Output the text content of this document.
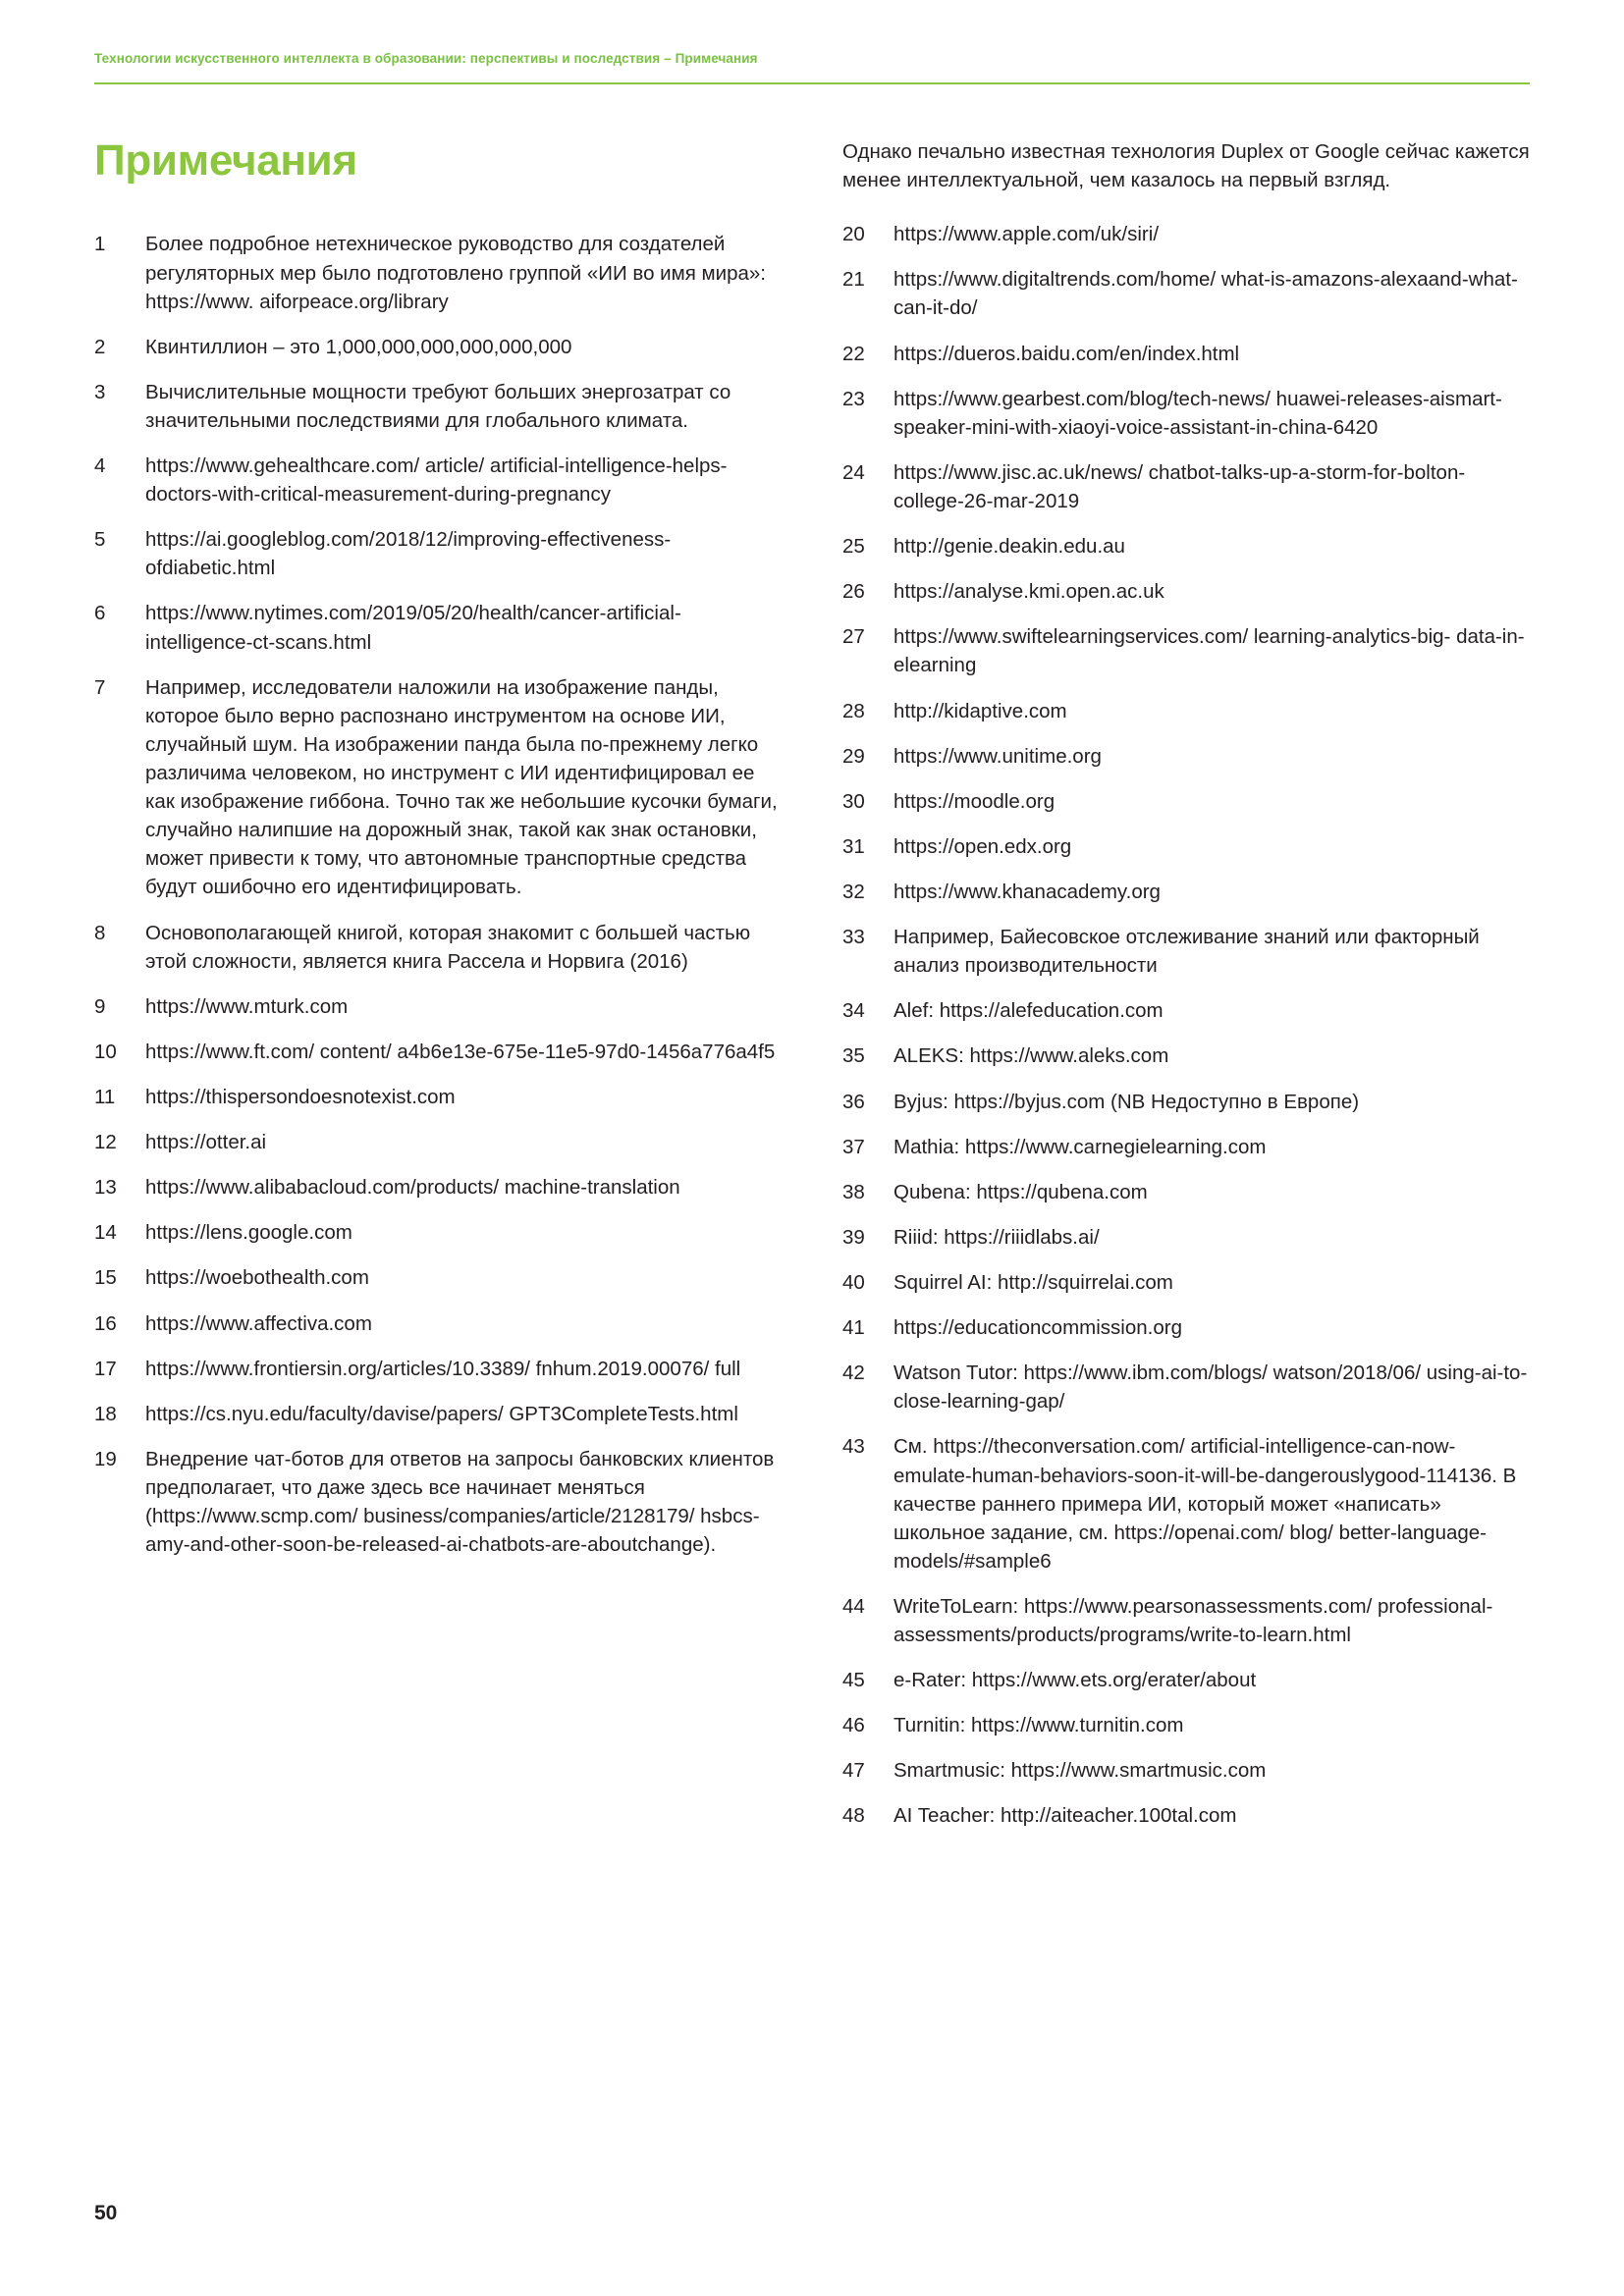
Технологии искусственного интеллекта в образовании: перспективы и последствия – Примечания
Примечания
1	Более подробное нетехническое руководство для создателей регуляторных мер было подготовлено группой «ИИ во имя мира»: https://www. aiforpeace.org/library
2	Квинтиллион – это 1,000,000,000,000,000,000
3	Вычислительные мощности требуют больших энергозатрат со значительными последствиями для глобального климата.
4	https://www.gehealthcare.com/ article/ artificial-intelligence-helps-doctors-with-critical-measurement-during-pregnancy
5	https://ai.googleblog.com/2018/12/improving-effectiveness-ofdiabetic.html
6	https://www.nytimes.com/2019/05/20/health/cancer-artificial-intelligence-ct-scans.html
7	Например, исследователи наложили на изображение панды, которое было верно распознано инструментом на основе ИИ, случайный шум. На изображении панда была по-прежнему легко различима человеком, но инструмент с ИИ идентифицировал ее как изображение гиббона. Точно так же небольшие кусочки бумаги, случайно налипшие на дорожный знак, такой как знак остановки, может привести к тому, что автономные транспортные средства будут ошибочно его идентифицировать.
8	Основополагающей книгой, которая знакомит с большей частью этой сложности, является книга Рассела и Норвига (2016)
9	https://www.mturk.com
10	https://www.ft.com/ content/ a4b6e13e-675e-11e5-97d0-1456a776a4f5
11	https://thispersondoesnotexist.com
12	https://otter.ai
13	https://www.alibabacloud.com/products/ machine-translation
14	https://lens.google.com
15	https://woebothealth.com
16	https://www.affectiva.com
17	https://www.frontiersin.org/articles/10.3389/ fnhum.2019.00076/ full
18	https://cs.nyu.edu/faculty/davise/papers/ GPT3CompleteTests.html
19	Внедрение чат-ботов для ответов на запросы банковских клиентов предполагает, что даже здесь все начинает меняться (https://www.scmp.com/ business/companies/article/2128179/ hsbcs-amy-and-other-soon-be-released-ai-chatbots-are-aboutchange).

Однако печально известная технология Duplex от Google сейчас кажется менее интеллектуальной, чем казалось на первый взгляд.

20	https://www.apple.com/uk/siri/
21	https://www.digitaltrends.com/home/ what-is-amazons-alexaand-what-can-it-do/
22	https://dueros.baidu.com/en/index.html
23	https://www.gearbest.com/blog/tech-news/ huawei-releases-aismart-speaker-mini-with-xiaoyi-voice-assistant-in-china-6420
24	https://www.jisc.ac.uk/news/ chatbot-talks-up-a-storm-for-bolton-college-26-mar-2019
25	http://genie.deakin.edu.au
26	https://analyse.kmi.open.ac.uk
27	https://www.swiftelearningservices.com/ learning-analytics-big- data-in-elearning
28	http://kidaptive.com
29	https://www.unitime.org
30	https://moodle.org
31	https://open.edx.org
32	https://www.khanacademy.org
33	Например, Байесовское отслеживание знаний или факторный анализ производительности
34	Alef: https://alefeducation.com
35	ALEKS: https://www.aleks.com
36	Byjus: https://byjus.com (NB Недоступно в Европе)
37	Mathia: https://www.carnegielearning.com
38	Qubena: https://qubena.com
39	Riiid: https://riiidlabs.ai/
40	Squirrel AI: http://squirrelai.com
41	https://educationcommission.org
42	Watson Tutor: https://www.ibm.com/blogs/ watson/2018/06/ using-ai-to-close-learning-gap/
43	См. https://theconversation.com/ artificial-intelligence-can-now- emulate-human-behaviors-soon-it-will-be-dangerouslygood-114136. В качестве раннего примера ИИ, который может «написать» школьное задание, см. https://openai.com/ blog/ better-language-models/#sample6
44	WriteToLearn: https://www.pearsonassessments.com/ professional-assessments/products/programs/write-to-learn.html
45	e-Rater: https://www.ets.org/erater/about
46	Turnitin: https://www.turnitin.com
47	Smartmusic: https://www.smartmusic.com
48	AI Teacher: http://aiteacher.100tal.com
50
